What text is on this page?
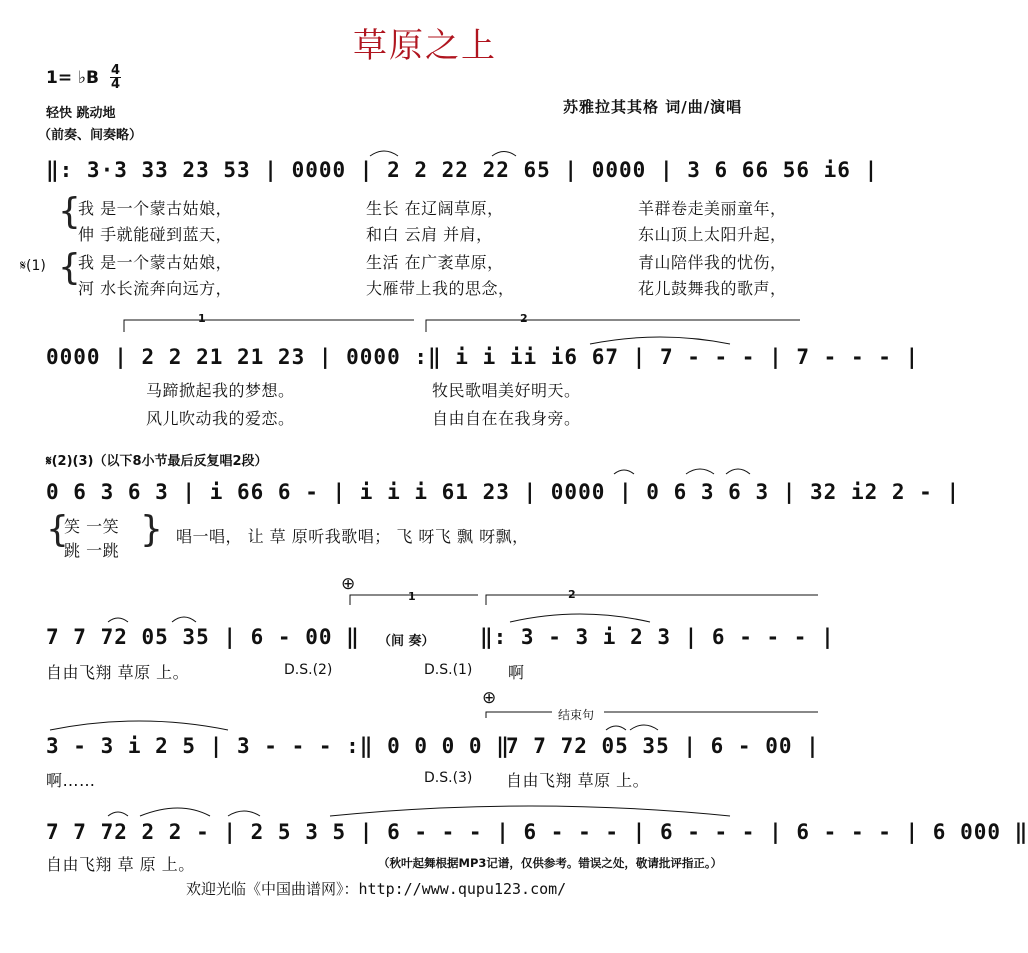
草原之上
1= ♭B 4
4
轻快 跳动地
（前奏、间奏略）
苏雅拉其其格 词/曲/演唱
‖: 3·3 33 23 53 | 0000 | 2 2 22 22 65 | 0000 | 3 6 66 56 i6 |
{
{
𝄋(1)
我 是一个蒙古姑娘，	生长 在辽阔草原，	羊群卷走美丽童年，
伸 手就能碰到蓝天，	和白 云肩 并肩，	东山顶上太阳升起，
我 是一个蒙古姑娘，	生活 在广袤草原，	青山陪伴我的忧伤，
河 水长流奔向远方，	大雁带上我的思念，	花儿鼓舞我的歌声，
1	2
0000 | 2 2 21 21 23 | 0000 :‖ i i ii i6 67 | 7 - - - | 7 - - - |
马蹄掀起我的梦想。	牧民歌唱美好明天。
风儿吹动我的爱恋。	自由自在在我身旁。
𝄋(2)(3)（以下8小节最后反复唱2段）
0 6 3 6 3 | i 66 6 - | i i i 61 23 | 0000 | 0 6 3 6 3 | 32 i2 2 - |
{
笑 一笑
跳 一跳
} 唱一唱， 让 草 原听我歌唱； 飞 呀飞 飘 呀飘，
⊕
1	2
7 7 72 05 35 | 6 - 00 ‖ （间 奏） ‖: 3 - 3 i 2 3 | 6 - - - |
自由飞翔 草原 上。	D.S.(2)	D.S.(1) 啊
⊕
结束句
3 - 3 i 2 5 | 3 - - - :‖ 0 0 0 0 ‖
7 7 72 05 35 | 6 - 00 |
啊……	D.S.(3) 自由飞翔 草原 上。
7 7 72 2 2 - | 2 5 3 5 | 6 - - - | 6 - - - | 6 - - - | 6 - - - | 6 000 ‖
自由飞翔 草 原 上。	（秋叶起舞根据MP3记谱，仅供参考。错误之处，敬请批评指正。）
欢迎光临《中国曲谱网》：http://www.qupu123.com/
